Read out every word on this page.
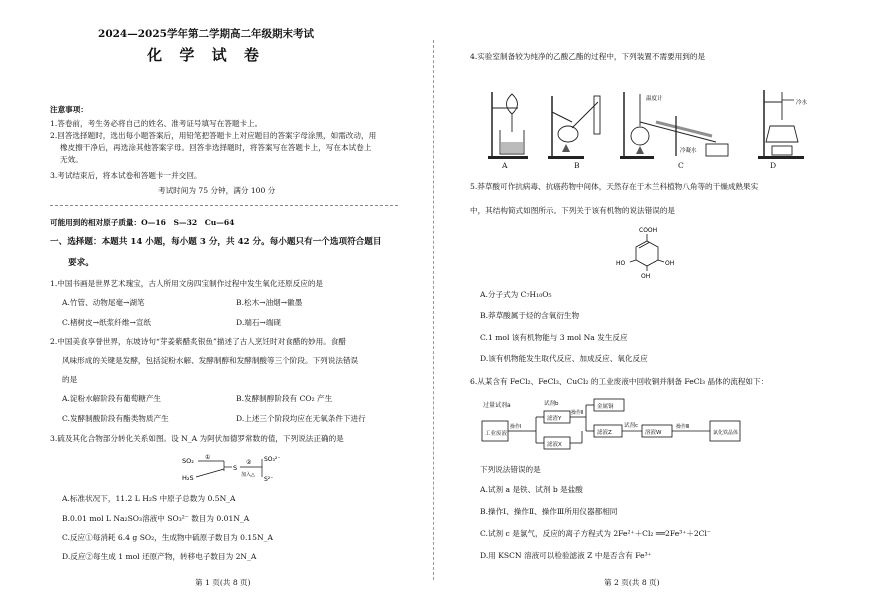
2024—2025学年第二学期高二年级期末考试
化 学 试 卷
注意事项：
1.答卷前，考生务必将自己的姓名、准考证号填写在答题卡上。
2.回答选择题时，选出每小题答案后，用铅笔把答题卡上对应题目的答案字母涂黑，如需改动，用
橡皮擦干净后，再选涂其他答案字母。回答非选择题时，将答案写在答题卡上，写在本试卷上
无效。
3.考试结束后，将本试卷和答题卡一并交回。
考试时间为 75 分钟，满分 100 分
可能用到的相对原子质量：O—16　S—32　Cu—64
一、选择题：本题共 14 小题，每小题 3 分，共 42 分。每小题只有一个选项符合题目
要求。
1.中国书画是世界艺术瑰宝，古人所用文房四宝制作过程中发生氧化还原反应的是
A.竹管、动物尾毫→湖笔	B.松木→油烟→徽墨
C.楮树皮→纸浆纤维→宣纸	D.端石→端砚
2.中国美食享誉世界，东坡诗句“芽姜紫醋炙银鱼”描述了古人烹饪时对食醋的妙用。食醋
风味形成的关键是发酵，包括淀粉水解、发酵制醇和发酵制酸等三个阶段。下列说法错误
的是
A.淀粉水解阶段有葡萄糖产生	B.发酵制醇阶段有 CO₂ 产生
C.发酵制酸阶段有酯类物质产生	D.上述三个阶段均应在无氧条件下进行
3.硫及其化合物部分转化关系如图。设 N_A 为阿伏加德罗常数的值，下列说法正确的是
SO₂
H₂S
①
S
②
加入△
SO₃²⁻
S²⁻
A.标准状况下，11.2 L H₂S 中原子总数为 0.5N_A
B.0.01 mol L Na₂SO₃溶液中 SO₃²⁻ 数目为 0.01N_A
C.反应①每消耗 6.4 g SO₂，生成物中硫原子数目为 0.15N_A
D.反应②每生成 1 mol 还原产物，转移电子数目为 2N_A
第 1 页(共 8 页)
4.实验室制备较为纯净的乙酸乙酯的过程中，下列装置不需要用到的是
A	B
温度计
冷凝水
C
冷水
D
5.莽草酸可作抗病毒、抗癌药物中间体，天然存在于木兰科植物八角等的干燥成熟果实
中，其结构简式如图所示。下列关于该有机物的说法错误的是
COOH
HO	OH
OH
A.分子式为 C₇H₁₀O₅
B.莽草酸属于烃的含氧衍生物
C.1 mol 该有机物能与 3 mol Na 发生反应
D.该有机物能发生取代反应、加成反应、氧化反应
6.从某含有 FeCl₂、FeCl₃、CuCl₂ 的工业废液中回收铜并制备 FeCl₃ 晶体的流程如下：
过量试剂a
工业废液
操作Ⅰ
滤渣Y
滤液X
试剂b
操作Ⅱ
金属铜
滤液Z
试剂c
溶液W
操作Ⅲ
氯化铁晶体
下列说法错误的是
A.试剂 a 是铁、试剂 b 是盐酸
B.操作Ⅰ、操作Ⅱ、操作Ⅲ所用仪器都相同
C.试剂 c 是氯气，反应的离子方程式为 2Fe²⁺＋Cl₂ ══2Fe³⁺＋2Cl⁻
D.用 KSCN 溶液可以检验滤液 Z 中是否含有 Fe³⁺
第 2 页(共 8 页)
